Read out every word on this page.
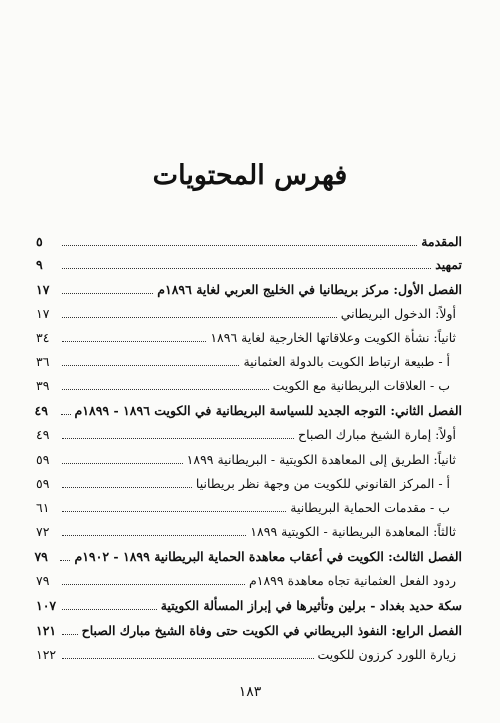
فهرس المحتويات
المقدمة
٥
تمهيد
٩
الفصل الأول: مركز بريطانيا في الخليج العربي لغاية ١٨٩٦م
١٧
أولاً: الدخول البريطاني
١٧
ثانياً: نشأة الكويت وعلاقاتها الخارجية لغاية ١٨٩٦
٣٤
أ - طبيعة ارتباط الكويت بالدولة العثمانية
٣٦
ب - العلاقات البريطانية مع الكويت
٣٩
الفصل الثاني: التوجه الجديد للسياسة البريطانية في الكويت ١٨٩٦ - ١٨٩٩م
٤٩
أولاً: إمارة الشيخ مبارك الصباح
٤٩
ثانياً: الطريق إلى المعاهدة الكويتية - البريطانية ١٨٩٩
٥٩
أ - المركز القانوني للكويت من وجهة نظر بريطانيا
٥٩
ب - مقدمات الحماية البريطانية
٦١
ثالثاً: المعاهدة البريطانية - الكويتية ١٨٩٩
٧٢
الفصل الثالث: الكويت في أعقاب معاهدة الحماية البريطانية ١٨٩٩ - ١٩٠٢م
٧٩
ردود الفعل العثمانية تجاه معاهدة ١٨٩٩م
٧٩
سكة حديد بغداد - برلين وتأثيرها في إبراز المسألة الكويتية
١٠٧
الفصل الرابع: النفوذ البريطاني في الكويت حتى وفاة الشيخ مبارك الصباح
١٢١
زيارة اللورد كرزون للكويت
١٢٢
١٨٣
